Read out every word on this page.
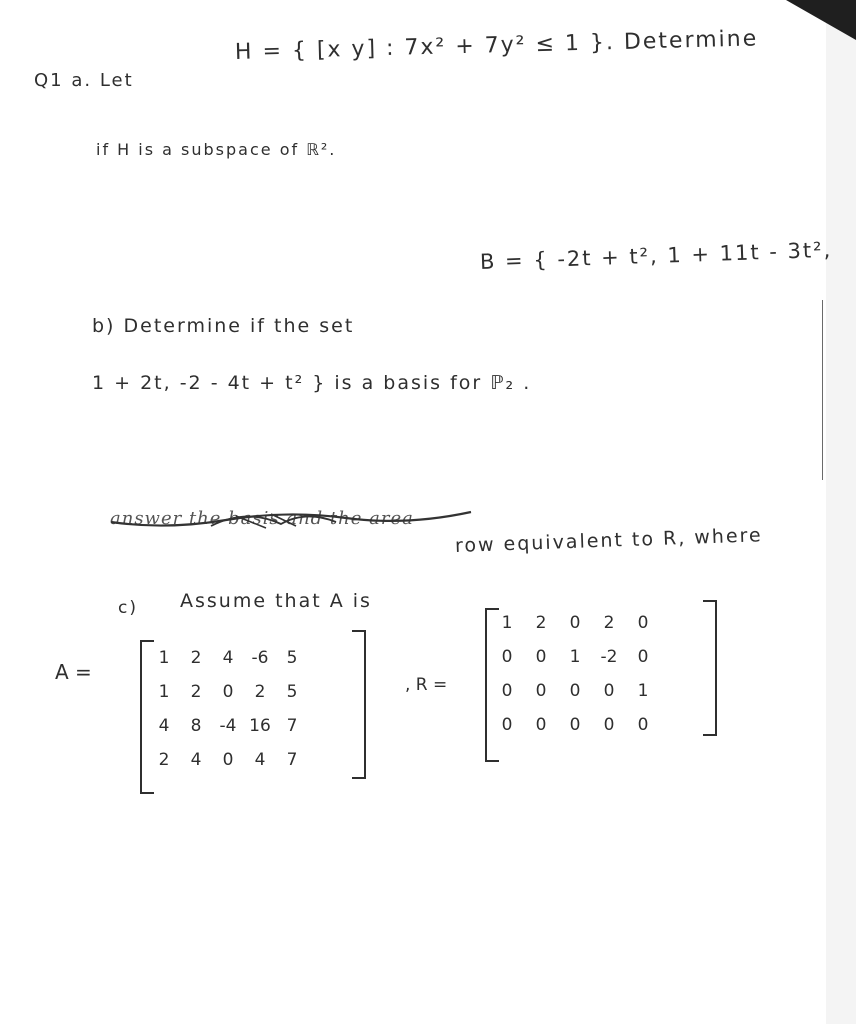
Q1 a. Let
H = { [x y] : 7x² + 7y² ≤ 1 }. Determine
if H is a subspace of ℝ².
b) Determine if the set
B = { -2t + t², 1 + 11t - 3t²,
1 + 2t, -2 - 4t + t² } is a basis for ℙ₂ .
answer the basis and the area
row equivalent to R, where
c) Assume that A is
A =
, R =
1	2	4	-6	5
1	2	0	2	5
4	8	-4 16 7
2	4	0	4	7
1	2	0	2	0
0	0	1	-2	0
0	0	0	0	1
0	0	0	0	0
